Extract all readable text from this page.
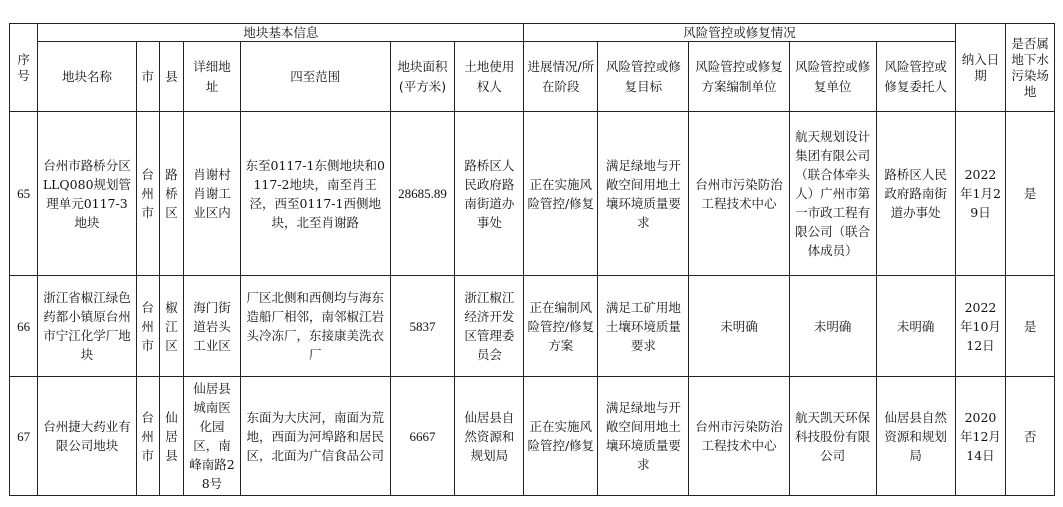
序号	地块基本信息							风险管控或修复情况					纳入日期	是否属地下水污染场地
	地块名称	市	县	详细地址	四至范围	地块面积(平方米)	土地使用权人	进展情况/所在阶段	风险管控或修复目标	风险管控或修复方案编制单位	风险管控或修复单位	风险管控或修复委托人		
65	台州市路桥分区LLQ080规划管理单元0117-3地块	台州市	路桥区	肖谢村肖谢工业区内	东至0117-1东侧地块和0117-2地块，南至肖王泾，西至0117-1西侧地块，北至肖谢路	28685.89	路桥区人民政府路南街道办事处	正在实施风险管控/修复	满足绿地与开敞空间用地土壤环境质量要求	台州市污染防治工程技术中心	航天规划设计集团有限公司（联合体牵头人）广州市第一市政工程有限公司（联合体成员）	路桥区人民政府路南街道办事处	2022年1月29日	是
66	浙江省椒江绿色药都小镇原台州市宁江化学厂地块	台州市	椒江区	海门街道岩头工业区	厂区北侧和西侧均与海东造船厂相邻，南邻椒江岩头冷冻厂，东接康美洗衣厂	5837	浙江椒江经济开发区管理委员会	正在编制风险管控/修复方案	满足工矿用地土壤环境质量要求	未明确	未明确	未明确	2022年10月12日	是
67	台州捷大药业有限公司地块	台州市	仙居县	仙居县城南医化园区，南峰南路28号	东面为大庆河，南面为荒地，西面为河埠路和居民区，北面为广信食品公司	6667	仙居县自然资源和规划局	正在实施风险管控/修复	满足绿地与开敞空间用地土壤环境质量要求	台州市污染防治工程技术中心	航天凯天环保科技股份有限公司	仙居县自然资源和规划局	2020年12月14日	否
